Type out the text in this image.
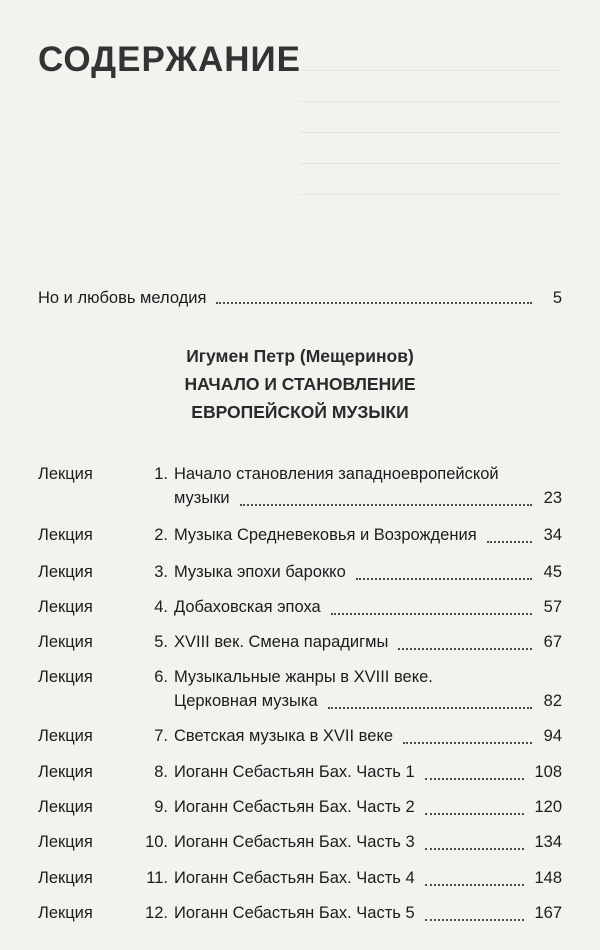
СОДЕРЖАНИЕ
Но и любовь мелодия	5
Игумен Петр (Мещеринов)
НАЧАЛО И СТАНОВЛЕНИЕ
ЕВРОПЕЙСКОЙ МУЗЫКИ
Лекция	1. Начало становления западноевропейской
музыки	23
Лекция	2. Музыка Средневековья и Возрождения	34
Лекция	3. Музыка эпохи барокко	45
Лекция	4. Добаховская эпоха	57
Лекция	5. XVIII век. Смена парадигмы	67
Лекция	6. Музыкальные жанры в XVIII веке.
Церковная музыка	82
Лекция	7. Светская музыка в XVII веке	94
Лекция	8. Иоганн Себастьян Бах. Часть 1	108
Лекция	9. Иоганн Себастьян Бах. Часть 2	120
Лекция	10. Иоганн Себастьян Бах. Часть 3	134
Лекция	11. Иоганн Себастьян Бах. Часть 4	148
Лекция	12. Иоганн Себастьян Бах. Часть 5	167
